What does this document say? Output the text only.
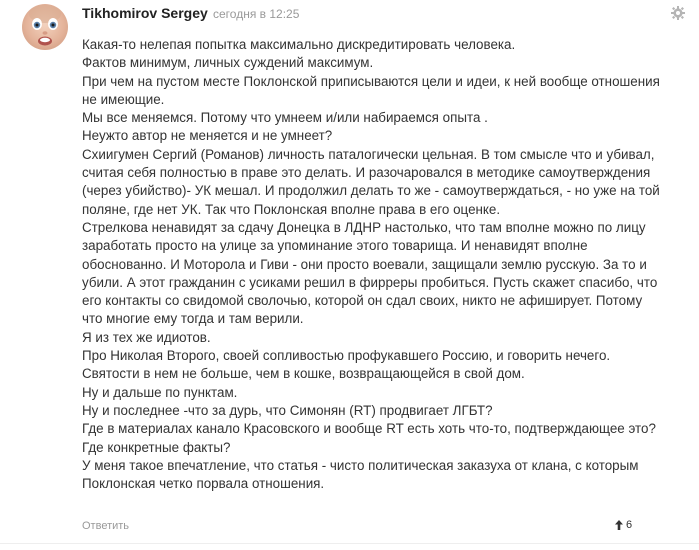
Tikhomirov Sergey сегодня в 12:25
Какая-то нелепая попытка максимально дискредитировать человека.
Фактов минимум, личных суждений максимум.
При чем на пустом месте Поклонской приписываются цели и идеи, к ней вообще отношения
не имеющие.
Мы все меняемся. Потому что умнеем и/или набираемся опыта .
Неужто автор не меняется и не умнеет?
Схиигумен Сергий (Романов) личность паталогически цельная. В том смысле что и убивал,
считая себя полностью в праве это делать. И разочаровался в методике самоутверждения
(через убийство)- УК мешал. И продолжил делать то же - самоутверждаться, - но уже на той
поляне, где нет УК. Так что Поклонская вполне права в его оценке.
Стрелкова ненавидят за сдачу Донецка в ЛДНР настолько, что там вполне можно по лицу
заработать просто на улице за упоминание этого товарища. И ненавидят вполне
обоснованно. И Моторола и Гиви - они просто воевали, защищали землю русскую. За то и
убили. А этот гражданин с усиками решил в фирреры пробиться. Пусть скажет спасибо, что
его контакты со свидомой сволочью, которой он сдал своих, никто не афиширует. Потому
что многие ему тогда и там верили.
Я из тех же идиотов.
Про Николая Второго, своей сопливостью профукавшего Россию, и говорить нечего.
Святости в нем не больше, чем в кошке, возвращающейся в свой дом.
Ну и дальше по пунктам.
Ну и последнее -что за дурь, что Симонян (RT) продвигает ЛГБТ?
Где в материалах канало Красовского и вообще RT есть хоть что-то, подтверждающее это?
Где конкретные факты?
У меня такое впечатление, что статья - чисто политическая заказуха от клана, с которым
Поклонская четко порвала отношения.
Ответить	6
